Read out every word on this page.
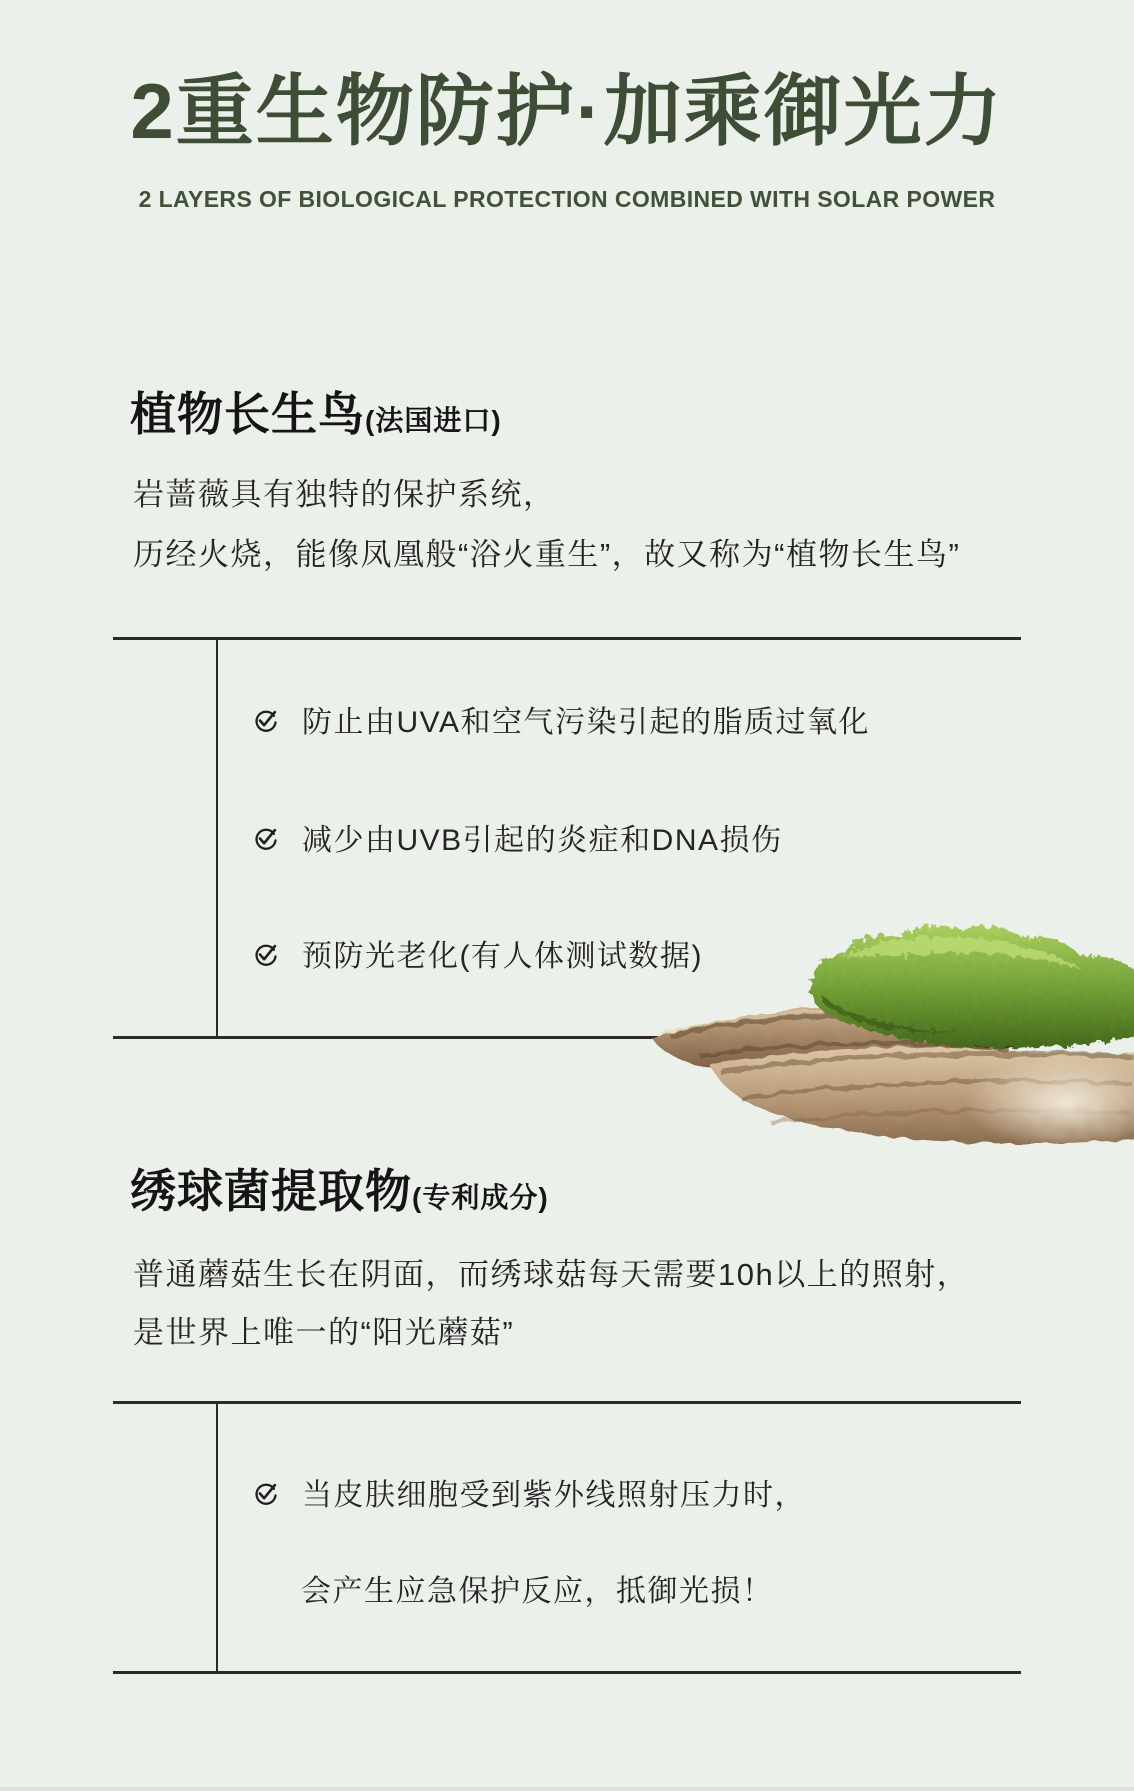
2重生物防护·加乘御光力
2 LAYERS OF BIOLOGICAL PROTECTION COMBINED WITH SOLAR POWER
植物长生鸟(法国进口)
岩蔷薇具有独特的保护系统，
历经火烧，能像凤凰般“浴火重生”，故又称为“植物长生鸟”
防止由UVA和空气污染引起的脂质过氧化
减少由UVB引起的炎症和DNA损伤
预防光老化(有人体测试数据)
绣球菌提取物(专利成分)
普通蘑菇生长在阴面，而绣球菇每天需要10h以上的照射，
是世界上唯一的“阳光蘑菇”
当皮肤细胞受到紫外线照射压力时，
会产生应急保护反应，抵御光损！
